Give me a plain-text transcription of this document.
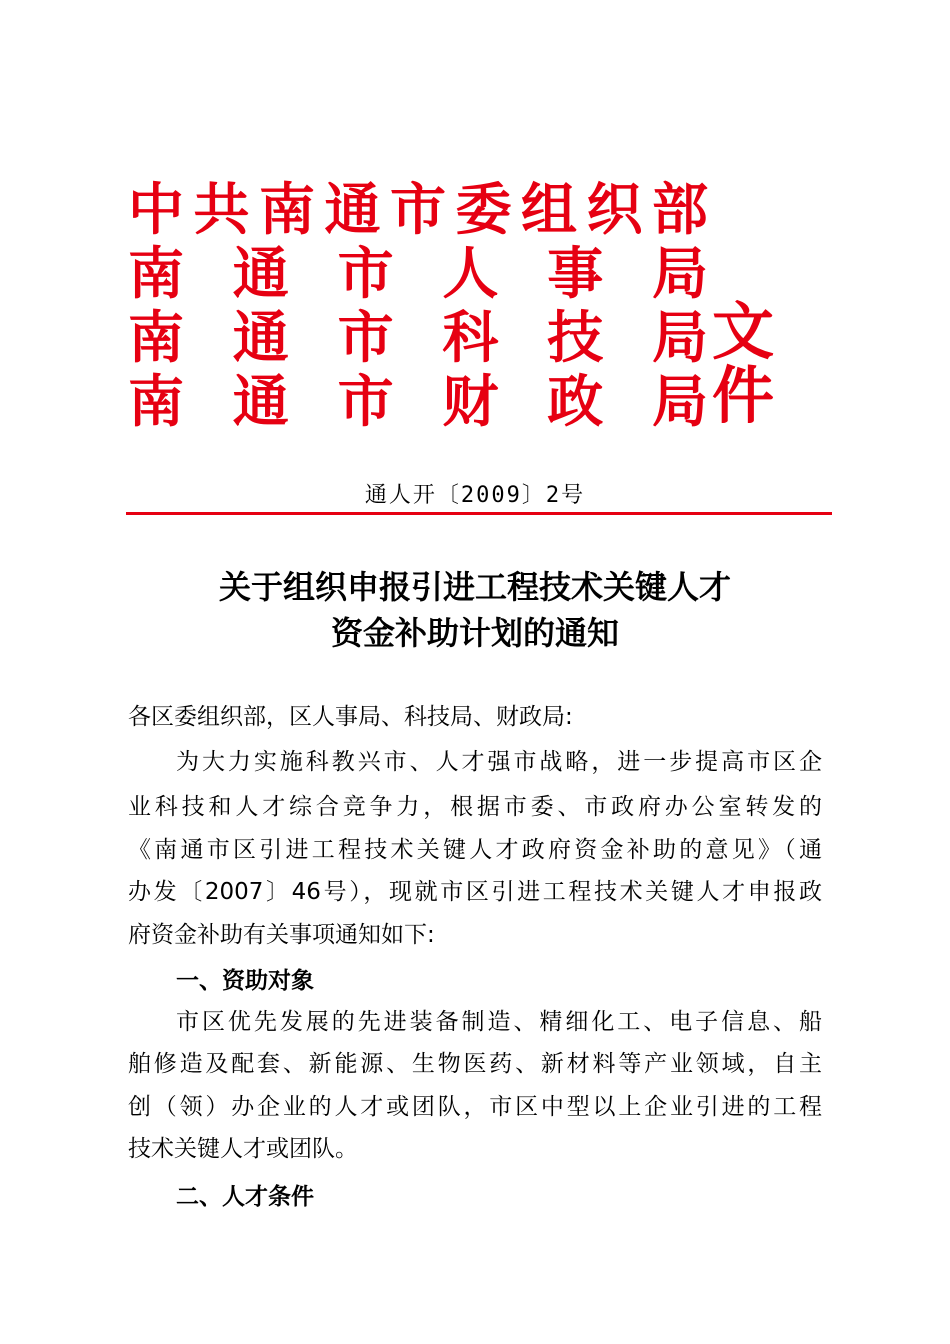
中 共 南 通 市 委 组 织 部
南 通 市 人 事 局
南 通 市 科 技 局
南 通 市 财 政 局
文件
通人开〔2009〕2号
关于组织申报引进工程技术关键人才
资金补助计划的通知
各区委组织部，区人事局、科技局、财政局:
为大力实施科教兴市、人才强市战略，进一步提高市区企
业科技和人才综合竞争力，根据市委、市政府办公室转发的
《南通市区引进工程技术关键人才政府资金补助的意见》（通
办发〔2007〕46号），现就市区引进工程技术关键人才申报政
府资金补助有关事项通知如下:
一、资助对象
市区优先发展的先进装备制造、精细化工、电子信息、船
舶修造及配套、新能源、生物医药、新材料等产业领域，自主
创（领）办企业的人才或团队，市区中型以上企业引进的工程
技术关键人才或团队。
二、人才条件
